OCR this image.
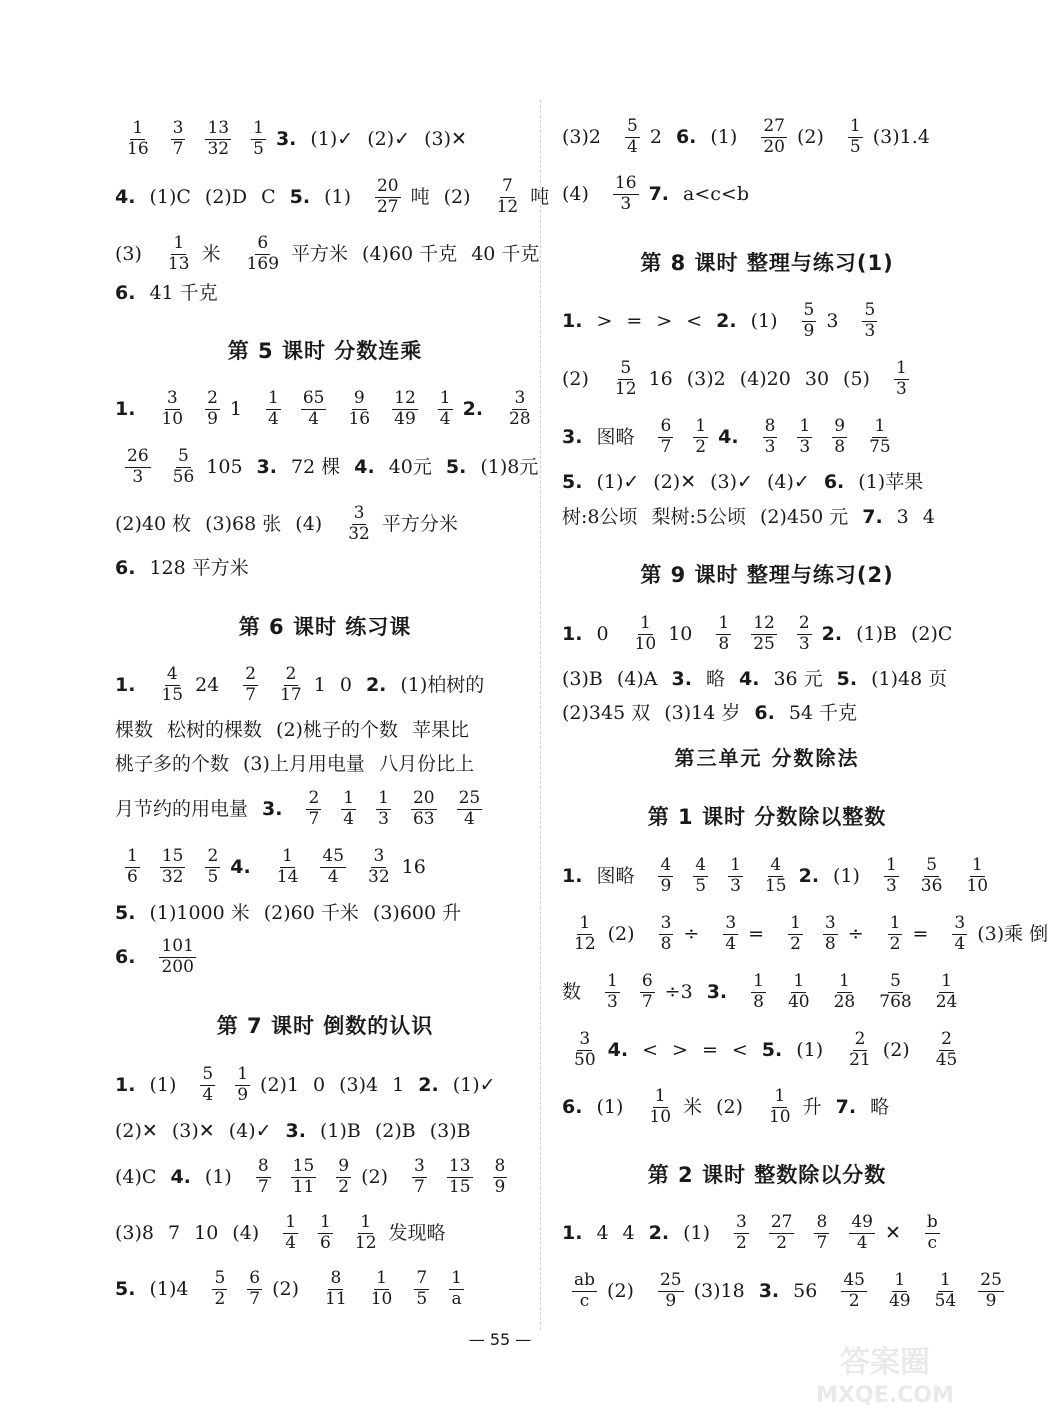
$\frac{1}{16} \frac{3}{7} \frac{13}{32} \frac{1}{5} 3$. (1)✓ (2)✓ (3)✕
4. (1)C (2)D C 5. $(1) \frac{20}{27}$ 吨 $(2) \frac{7}{12}$ 吨
$(3) \frac{1}{13}$ 米 $\frac{6}{169}$ 平方米 (4)60 千克 40 千克
6. 41 千克
第 5 课时 分数连乘
1. $\frac{3}{10} \frac{2}{9} 1 \frac{1}{4} \frac{65}{4} \frac{9}{16} \frac{12}{49} \frac{1}{4} 2$. $\frac{3}{28}$
$\frac{26}{3} \frac{5}{56} 105$ 3. 72 棵 4. 40元 5. (1)8元
(2)40 枚 (3)68 张 $(4) \frac{3}{32}$ 平方分米
6. 128 平方米
第 6 课时 练习课
1. $\frac{4}{15} 24 \frac{2}{7} \frac{2}{17} 1$ 0 2. (1)柏树的
棵数 松树的棵数 (2)桃子的个数 苹果比
桃子多的个数 (3)上月用电量 八月份比上
月节约的用电量 3. $\frac{2}{7} \frac{1}{4} \frac{1}{3} \frac{20}{63} \frac{25}{4}$
$\frac{1}{6} \frac{15}{32} \frac{2}{5} 4$. $\frac{1}{14} \frac{45}{4} \frac{3}{32} 16$
5. (1)1000 米 (2)60 千米 (3)600 升
6. $\frac{101}{200}$
第 7 课时 倒数的认识
1. $(1) \frac{5}{4} \frac{1}{9} (2)1$ 0 (3)4 1 2. (1)✓
(2)✕ (3)✕ (4)✓ 3. (1)B (2)B (3)B
(4)C 4. $(1) \frac{8}{7} \frac{15}{11} \frac{9}{2} (2) \frac{3}{7} \frac{13}{15} \frac{8}{9}$
(3)8 7 10 $(4) \frac{1}{4} \frac{1}{6} \frac{1}{12}$ 发现略
5. $(1)4 \frac{5}{2} \frac{6}{7} (2) \frac{8}{11} \frac{1}{10} \frac{7}{5} \frac{1}{a}$
$(3)2 \frac{5}{4} 2$ 6. $(1) \frac{27}{20} (2) \frac{1}{5} (3)1.4$
$(4) \frac{16}{3} 7$. a<c<b
第 8 课时 整理与练习(1)
1. > = > < 2. $(1) \frac{5}{9} 3 \frac{5}{3}$
$(2) \frac{5}{12} 16$ (3)2 (4)20 30 $(5) \frac{1}{3}$
3. 图略 $\frac{6}{7} \frac{1}{2} 4$. $\frac{8}{3} \frac{1}{3} \frac{9}{8} \frac{1}{75}$
5. (1)✓ (2)✕ (3)✓ (4)✓ 6. (1)苹果
树:8公顷 梨树:5公顷 (2)450 元 7. 3 4
第 9 课时 整理与练习(2)
1. $0 \frac{1}{10} 10 \frac{1}{8} \frac{12}{25} \frac{2}{3} 2$. (1)B (2)C
(3)B (4)A 3. 略 4. 36 元 5. (1)48 页
(2)345 双 (3)14 岁 6. 54 千克
第三单元 分数除法
第 1 课时 分数除以整数
1. 图略 $\frac{4}{9} \frac{4}{5} \frac{1}{3} \frac{4}{15} 2$. $(1) \frac{1}{3} \frac{5}{36} \frac{1}{10}$
$\frac{1}{12} (2) \frac{3}{8} \div \frac{3}{4} = \frac{1}{2} \frac{3}{8} \div \frac{1}{2} = \frac{3}{4} (3)$乘 倒
数 $\frac{1}{3} \frac{6}{7} \div 3$ 3. $\frac{1}{8} \frac{1}{40} \frac{1}{28} \frac{5}{768} \frac{1}{24}$
$\frac{3}{50} 4$. < > = < 5. $(1) \frac{2}{21} (2) \frac{2}{45}$
6. $(1) \frac{1}{10}$ 米 $(2) \frac{1}{10}$ 升 7. 略
第 2 课时 整数除以分数
1. 4 4 2. $(1) \frac{3}{2} \frac{27}{2} \frac{8}{7} \frac{49}{4}$ ✕ $\frac{b}{c}$
$\frac{ab}{c} (2) \frac{25}{9} (3)18$ 3. $56 \frac{45}{2} \frac{1}{49} \frac{1}{54} \frac{25}{9}$
— 55 —
答案圈
MXQE.COM
